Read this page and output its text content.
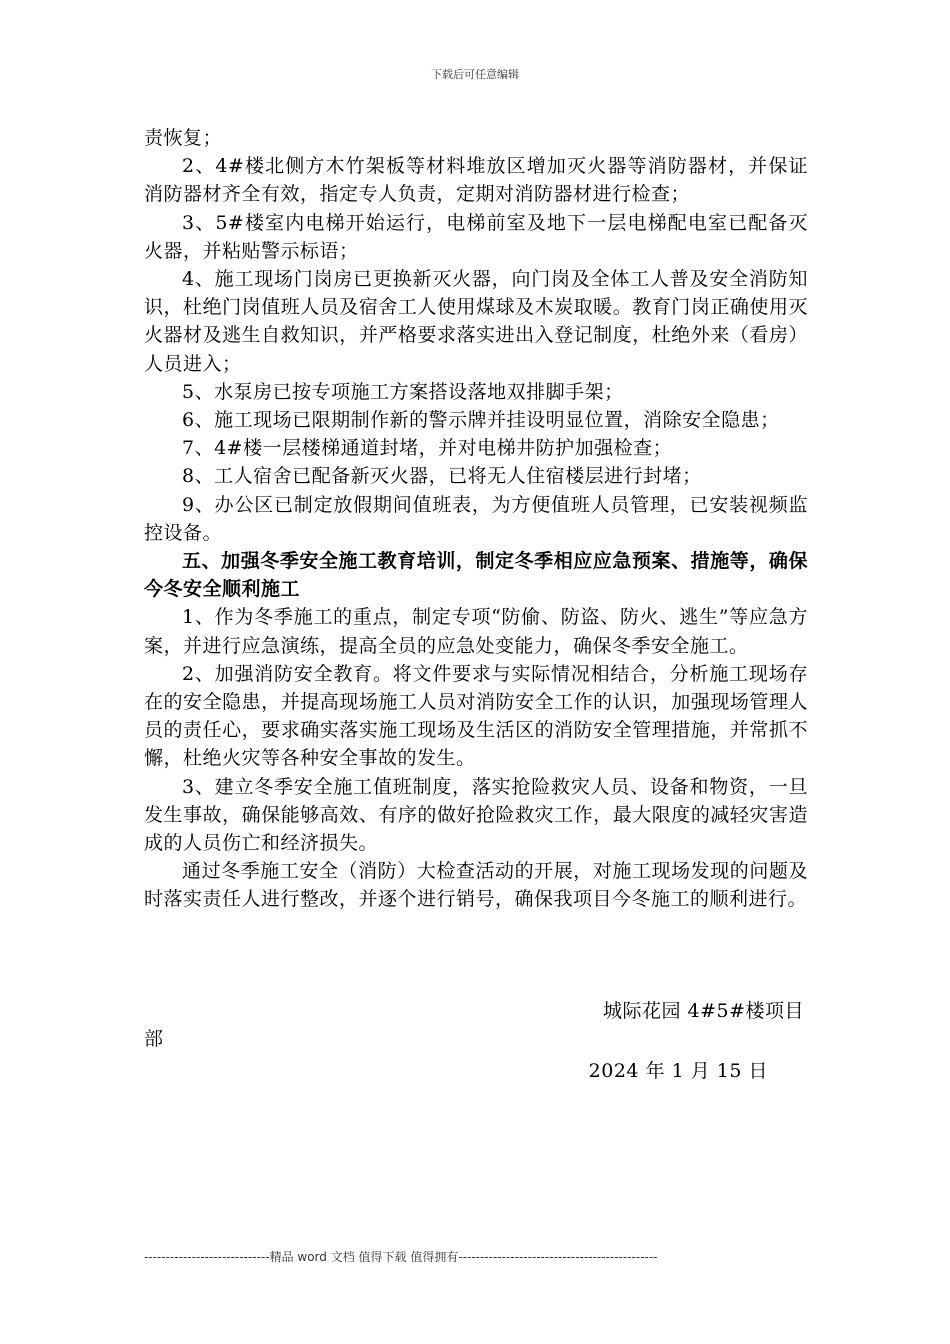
下载后可任意编辑

责恢复；

2、4#楼北侧方木竹架板等材料堆放区增加灭火器等消防器材，并保证消防器材齐全有效，指定专人负责，定期对消防器材进行检查；

3、5#楼室内电梯开始运行，电梯前室及地下一层电梯配电室已配备灭火器，并粘贴警示标语；

4、施工现场门岗房已更换新灭火器，向门岗及全体工人普及安全消防知识，杜绝门岗值班人员及宿舍工人使用煤球及木炭取暖。教育门岗正确使用灭火器材及逃生自救知识，并严格要求落实进出入登记制度，杜绝外来（看房）人员进入；

5、水泵房已按专项施工方案搭设落地双排脚手架；

6、施工现场已限期制作新的警示牌并挂设明显位置，消除安全隐患；

7、4#楼一层楼梯通道封堵，并对电梯井防护加强检查；

8、工人宿舍已配备新灭火器，已将无人住宿楼层进行封堵；

9、办公区已制定放假期间值班表，为方便值班人员管理，已安装视频监控设备。

五、加强冬季安全施工教育培训，制定冬季相应应急预案、措施等，确保今冬安全顺利施工

1、作为冬季施工的重点，制定专项“防偷、防盗、防火、逃生”等应急方案，并进行应急演练，提高全员的应急处变能力，确保冬季安全施工。

2、加强消防安全教育。将文件要求与实际情况相结合，分析施工现场存在的安全隐患，并提高现场施工人员对消防安全工作的认识，加强现场管理人员的责任心，要求确实落实施工现场及生活区的消防安全管理措施，并常抓不懈，杜绝火灾等各种安全事故的发生。

3、建立冬季安全施工值班制度，落实抢险救灾人员、设备和物资，一旦发生事故，确保能够高效、有序的做好抢险救灾工作，最大限度的减轻灾害造成的人员伤亡和经济损失。

通过冬季施工安全（消防）大检查活动的开展，对施工现场发现的问题及时落实责任人进行整改，并逐个进行销号，确保我项目今冬施工的顺利进行。

城际花园 4#5#楼项目
部
2024 年 1 月 15 日
-----------------------------精品 word 文档 值得下载 值得拥有----------------------------------------------
